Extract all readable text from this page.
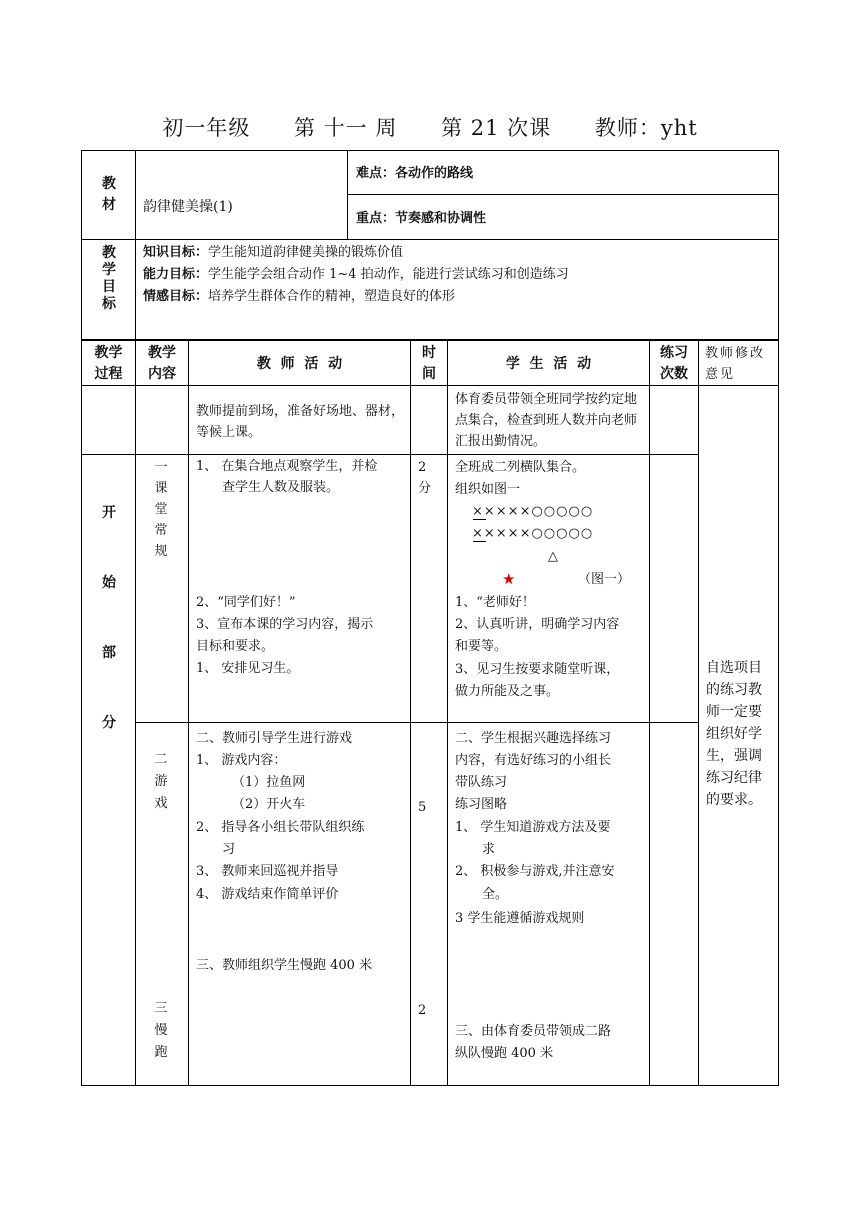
初一年级 第 十一 周 第 21 次课 教师：yht
教
材	韵律健美操(1)
难点：各动作的路线
重点：节奏感和协调性
教
学
目
标
知识目标：学生能知道韵律健美操的锻炼价值
能力目标：学生能学会组合动作 1~4 拍动作，能进行尝试练习和创造练习
情感目标：培养学生群体合作的精神，塑造良好的体形
教学
过程
教学
内容
教  师  活  动
时
间
学  生  活  动
练习
次数
教师修改意见
教师提前到场，准备好场地、器材，等候上课。
体育委员带领全班同学按约定地点集合，检查到班人数并向老师汇报出勤情况。
开
始
部
分
一
课
堂
常
规
1、 在集合地点观察学生，并检
查学生人数及服装。
2、“同学们好！”
3、宣布本课的学习内容，揭示
目标和要求。
1、 安排见习生。
2
分
全班成二列横队集合。
组织如图一
×××××○○○○○
×××××○○○○○
△
★	（图一）
1、“老师好！
2、认真听讲，明确学习内容
和要等。
3、见习生按要求随堂听课，
做力所能及之事。
自选项目
的练习教
师一定要
组织好学
生，强调
练习纪律
的要求。
二
游
戏
三
慢
跑
二、教师引导学生进行游戏
1、 游戏内容：
（1）拉鱼网
（2）开火车
2、 指导各小组长带队组织练
习
3、 教师来回巡视并指导
4、 游戏结束作简单评价
三、教师组织学生慢跑 400 米
5
2
二、学生根据兴趣选择练习
内容，有选好练习的小组长
带队练习
练习图略
1、 学生知道游戏方法及要
求
2、 积极参与游戏,并注意安
全。
3 学生能遵循游戏规则
三、由体育委员带领成二路
纵队慢跑 400 米
